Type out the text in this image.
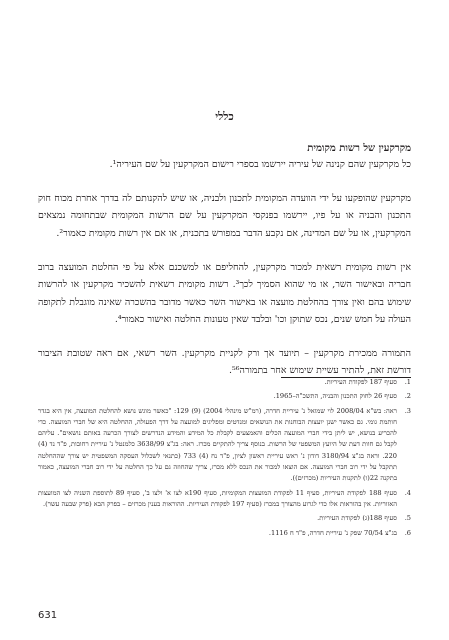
כללי
מקרקעין של רשות מקומית
כל מקרקעין שהם קנינה של עיריה יירשמו בספרי רישום המקרקעין על שם העיריה¹.
מקרקעין שהופקעו על ידי הוועדה המקומית לתכנון ולבניה, או שיש להקנותם לה בדרך אחרת מכוח חוק התכנון והבניה או על פיו, יירשמו בפנקסי המקרקעין על שם הרשות המקומית שבתחומה נמצאים המקרקעין, או על שם המדינה, אם נקבע הדבר במפורש בתכנית, או אם אין רשות מקומית כאמור².
אין רשות מקומית רשאית למכור מקרקעין, להחליפם או למשכנם אלא על פי החלטת המועצה ברוב חבריה ובאישור השר, או מי שהוא הסמיך לכך³. רשות מקומית רשאית להשכיר מקרקעין או להרשות שימוש בהם ואין צורך בהחלטת מועצה או באישור השר כאשר מדובר בהשכרה שאינה מוגבלת לתקופה העולה על חמש שנים, נכס שתוקן וכו' ובלבד שאין טעונות החלטה ואישור כאמור⁴.
התמורה ממכירת מקרקעין – תיועד אך ורק לקניית מקרקעין. השר רשאי, אם ראה שטובת הציבור דורשת זאת, להתיר עשיית שימוש אחר בתמורה⁵⁶.
1.
סעיף 187 לפקודת העיריות.
2.
סעיף 26 לחוק התכנון והבניה, התשכ"ה–1965.
3.
ראה: בש"א 2008/04 לוי שמואל נ' עיריית חדרה, (רמ"ש מינהלי 2004) (9) 129: "כאשר מוגש נושא להחלטת המועצה, אין היא בגדר חותמת גומי. גם כאשר ישנן יועצות הבוחנות את הנושאים ומנדטים ומפליגים למועצה על דרך הפעולה, ההחלטה היא של חברי המועצה. כדי להכריע בנושא, יש ליתן בידי חברי המועצה הכלים והאמצעים לקבלת כל המידע והמידע הנדרשים לצורך הכרעה באותם נושאים". עליהם לקבל גם חוות דעת של היועץ המשפטי של הרשות. בנוסף צריך להתקיים מכרז. ראה: בג"צ 3638/99 כלמנטל נ' עיריית רחובות, פ"ד נד (4) 220. וראה בג"צ 3180/94 דודון נ' ראש עיריית ראשון לציון, פ"ד נח (4) 733 (כתנאי לשכלול העסקה המשפטית יש צורך שההחלטה תתקבל על ידי רוב חברי המועצה. אם הוצאו למכור את הנכס ללא מכרז, צריך שהחוזה גם על כך החלטה על ידי רוב חברי המועצה, כאמור בתקנה 22(ו) לתקנות העיריות (מכרזים)).
4.
סעיף 188 לפקודת העיריות, סעיף 11 לפקודת המועצות המקומיות, סעיף 190א לצו א' ולצו ב', סעיף 89 לתוספת השניה לצו המועצות האזוריות. אין בהוראות אלו כדי לגרוע מהצורך במכרז (סעיף 197 לפקודת העיריות. ההוראות בענין מכרזים – בפרק הבא (פרק שבעה עשר).
5.
סעיף 188(ג) לפקודת העיריות.
6.
בג"צ 70/54 שפק נ' עיריית חדרה, פ"ד ח 1116.
631
